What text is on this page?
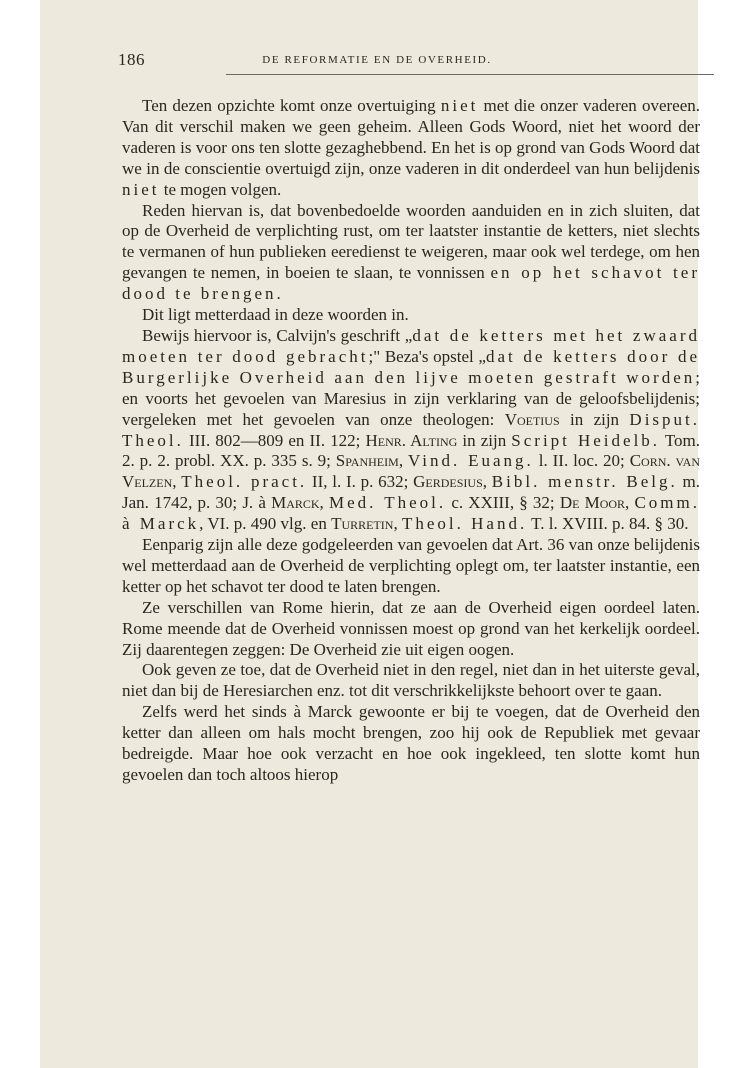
186	DE REFORMATIE EN DE OVERHEID.

Ten dezen opzichte komt onze overtuiging niet met die onzer vaderen overeen. Van dit verschil maken we geen geheim. Alleen Gods Woord, niet het woord der vaderen is voor ons ten slotte gezaghebbend. En het is op grond van Gods Woord dat we in de conscientie overtuigd zijn, onze vaderen in dit onderdeel van hun belijdenis niet te mogen volgen.

Reden hiervan is, dat bovenbedoelde woorden aanduiden en in zich sluiten, dat op de Overheid de verplichting rust, om ter laatster instantie de ketters, niet slechts te vermanen of hun publieken eeredienst te weigeren, maar ook wel terdege, om hen gevangen te nemen, in boeien te slaan, te vonnissen en op het schavot ter dood te brengen.

Dit ligt metterdaad in deze woorden in.

Bewijs hiervoor is, Calvijn's geschrift „dat de ketters met het zwaard moeten ter dood gebracht;" Beza's opstel „dat de ketters door de Burgerlijke Overheid aan den lijve moeten gestraft worden; en voorts het gevoelen van Maresius in zijn verklaring van de geloofsbelijdenis; vergeleken met het gevoelen van onze theologen: Voetius in zijn Disput. Theol. III. 802—809 en II. 122; Henr. Alting in zijn Script Heidelb. Tom. 2. p. 2. probl. XX. p. 335 s. 9; Spanheim, Vind. Euang. l. II. loc. 20; Corn. van Velzen, Theol. pract. II, l. I. p. 632; Gerdesius, Bibl. menstr. Belg. m. Jan. 1742, p. 30; J. à Marck, Med. Theol. c. XXIII, § 32; De Moor, Comm. à Marck, VI. p. 490 vlg. en Turretin, Theol. Hand. T. l. XVIII. p. 84. § 30.

Eenparig zijn alle deze godgeleerden van gevoelen dat Art. 36 van onze belijdenis wel metterdaad aan de Overheid de verplichting oplegt om, ter laatster instantie, een ketter op het schavot ter dood te laten brengen.

Ze verschillen van Rome hierin, dat ze aan de Overheid eigen oordeel laten. Rome meende dat de Overheid vonnissen moest op grond van het kerkelijk oordeel. Zij daarentegen zeggen: De Overheid zie uit eigen oogen.

Ook geven ze toe, dat de Overheid niet in den regel, niet dan in het uiterste geval, niet dan bij de Heresiarchen enz. tot dit verschrikkelijkste behoort over te gaan.

Zelfs werd het sinds à Marck gewoonte er bij te voegen, dat de Overheid den ketter dan alleen om hals mocht brengen, zoo hij ook de Republiek met gevaar bedreigde. Maar hoe ook verzacht en hoe ook ingekleed, ten slotte komt hun gevoelen dan toch altoos hierop
